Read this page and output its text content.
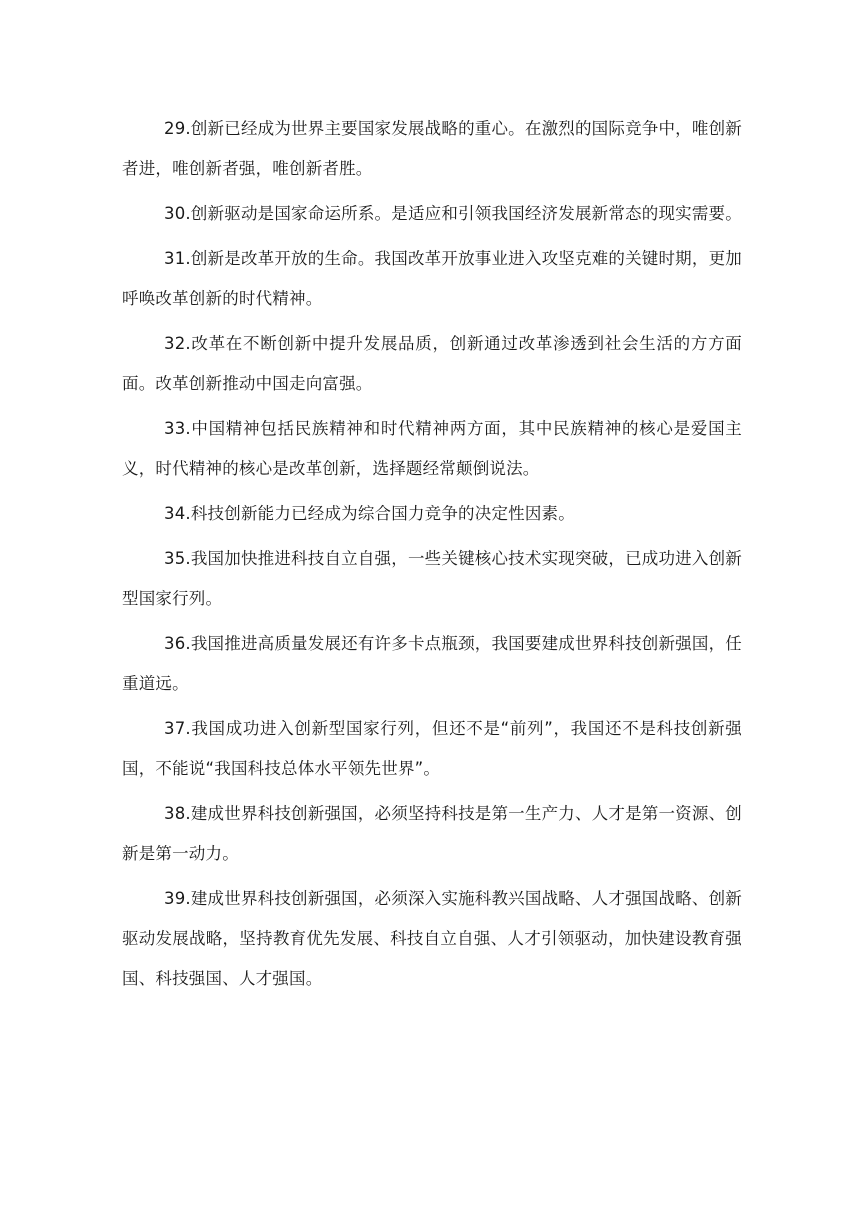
29.创新已经成为世界主要国家发展战略的重心。在激烈的国际竞争中，唯创新者进，唯创新者强，唯创新者胜。

30.创新驱动是国家命运所系。是适应和引领我国经济发展新常态的现实需要。

31.创新是改革开放的生命。我国改革开放事业进入攻坚克难的关键时期，更加呼唤改革创新的时代精神。

32.改革在不断创新中提升发展品质，创新通过改革渗透到社会生活的方方面面。改革创新推动中国走向富强。

33.中国精神包括民族精神和时代精神两方面，其中民族精神的核心是爱国主义，时代精神的核心是改革创新，选择题经常颠倒说法。

34.科技创新能力已经成为综合国力竞争的决定性因素。

35.我国加快推进科技自立自强，一些关键核心技术实现突破，已成功进入创新型国家行列。

36.我国推进高质量发展还有许多卡点瓶颈，我国要建成世界科技创新强国，任重道远。

37.我国成功进入创新型国家行列，但还不是“前列”，我国还不是科技创新强国，不能说“我国科技总体水平领先世界”。

38.建成世界科技创新强国，必须坚持科技是第一生产力、人才是第一资源、创新是第一动力。

39.建成世界科技创新强国，必须深入实施科教兴国战略、人才强国战略、创新驱动发展战略，坚持教育优先发展、科技自立自强、人才引领驱动，加快建设教育强国、科技强国、人才强国。
